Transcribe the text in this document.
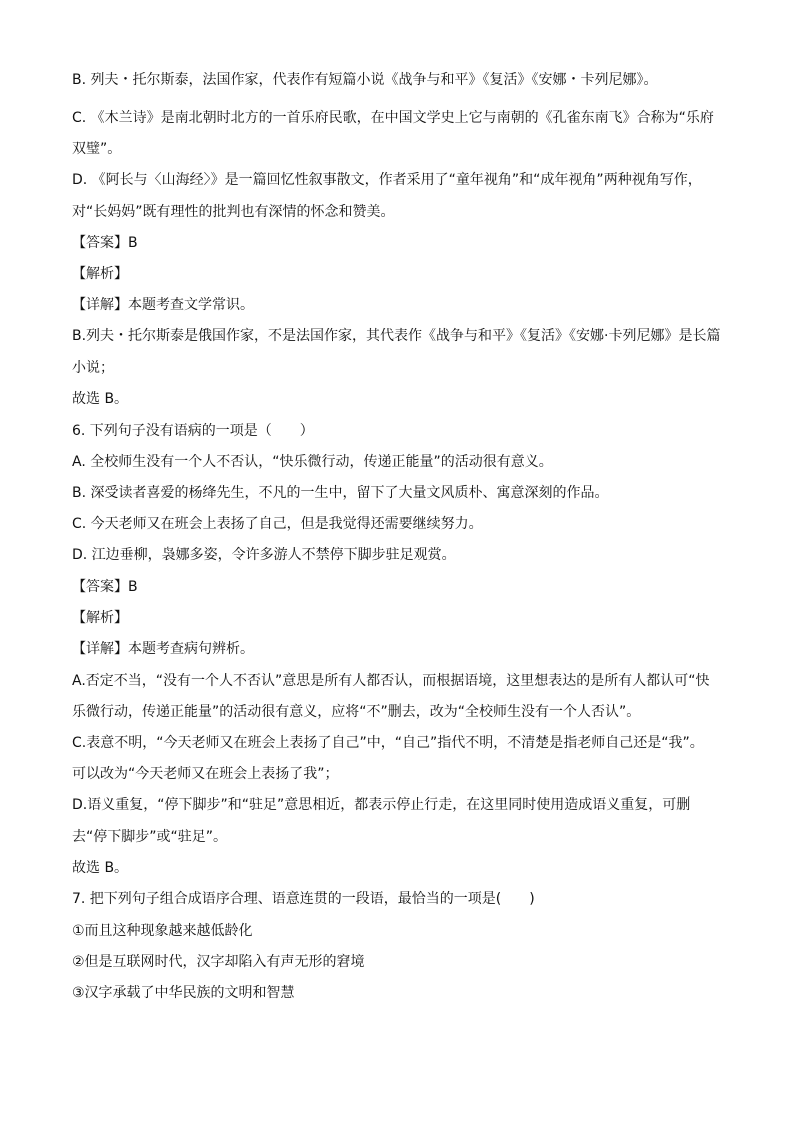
B. 列夫・托尔斯泰，法国作家，代表作有短篇小说《战争与和平》《复活》《安娜・卡列尼娜》。
C. 《木兰诗》是南北朝时北方的一首乐府民歌，在中国文学史上它与南朝的《孔雀东南飞》合称为“乐府
双璧”。
D. 《阿长与〈山海经〉》是一篇回忆性叙事散文，作者采用了“童年视角”和“成年视角”两种视角写作，
对“长妈妈”既有理性的批判也有深情的怀念和赞美。
【答案】B
【解析】
【详解】本题考查文学常识。
B.列夫・托尔斯泰是俄国作家，不是法国作家，其代表作《战争与和平》《复活》《安娜·卡列尼娜》是长篇
小说；
故选 B。
6. 下列句子没有语病的一项是（　　）
A. 全校师生没有一个人不否认，“快乐微行动，传递正能量”的活动很有意义。
B. 深受读者喜爱的杨绛先生，不凡的一生中，留下了大量文风质朴、寓意深刻的作品。
C. 今天老师又在班会上表扬了自己，但是我觉得还需要继续努力。
D. 江边垂柳，袅娜多姿，令许多游人不禁停下脚步驻足观赏。
【答案】B
【解析】
【详解】本题考查病句辨析。
A.否定不当，“没有一个人不否认”意思是所有人都否认，而根据语境，这里想表达的是所有人都认可“快
乐微行动，传递正能量”的活动很有意义，应将“不”删去，改为“全校师生没有一个人否认”。
C.表意不明，“今天老师又在班会上表扬了自己”中，“自己”指代不明，不清楚是指老师自己还是“我”。
可以改为“今天老师又在班会上表扬了我”；
D.语义重复，“停下脚步”和“驻足”意思相近，都表示停止行走，在这里同时使用造成语义重复，可删
去“停下脚步”或“驻足”。
故选 B。
7. 把下列句子组合成语序合理、语意连贯的一段语，最恰当的一项是(　　)
①而且这种现象越来越低龄化
②但是互联网时代，汉字却陷入有声无形的窘境
③汉字承载了中华民族的文明和智慧
